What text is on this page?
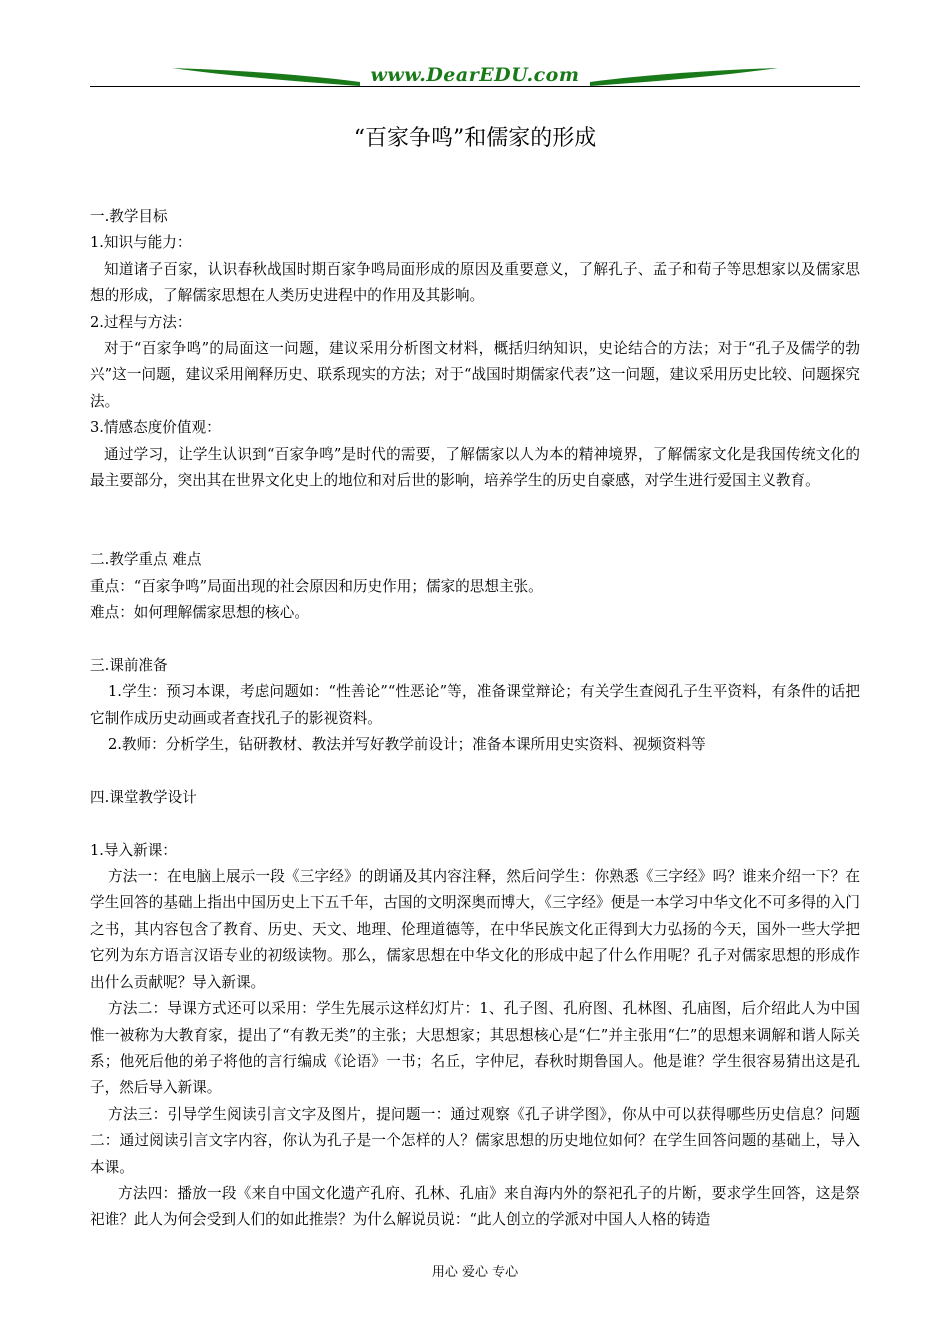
www.DearEDU.com
“百家争鸣”和儒家的形成

一.教学目标

1.知识与能力：

知道诸子百家，认识春秋战国时期百家争鸣局面形成的原因及重要意义，了解孔子、孟子和荀子等思想家以及儒家思想的形成，了解儒家思想在人类历史进程中的作用及其影响。

2.过程与方法：

对于“百家争鸣”的局面这一问题，建议采用分析图文材料，概括归纳知识，史论结合的方法；对于“孔子及儒学的勃兴”这一问题，建议采用阐释历史、联系现实的方法；对于“战国时期儒家代表”这一问题，建议采用历史比较、问题探究法。

3.情感态度价值观：

通过学习，让学生认识到“百家争鸣”是时代的需要，了解儒家以人为本的精神境界，了解儒家文化是我国传统文化的最主要部分，突出其在世界文化史上的地位和对后世的影响，培养学生的历史自豪感，对学生进行爱国主义教育。

二.教学重点 难点

重点：“百家争鸣”局面出现的社会原因和历史作用；儒家的思想主张。

难点：如何理解儒家思想的核心。

三.课前准备

1.学生：预习本课，考虑问题如：“性善论”“性恶论”等，准备课堂辩论；有关学生查阅孔子生平资料，有条件的话把它制作成历史动画或者查找孔子的影视资料。

2.教师：分析学生，钻研教材、教法并写好教学前设计；准备本课所用史实资料、视频资料等

四.课堂教学设计

1.导入新课：

方法一：在电脑上展示一段《三字经》的朗诵及其内容注释，然后问学生：你熟悉《三字经》吗？谁来介绍一下？在学生回答的基础上指出中国历史上下五千年，古国的文明深奥而博大，《三字经》便是一本学习中华文化不可多得的入门之书，其内容包含了教育、历史、天文、地理、伦理道德等，在中华民族文化正得到大力弘扬的今天，国外一些大学把它列为东方语言汉语专业的初级读物。那么，儒家思想在中华文化的形成中起了什么作用呢？孔子对儒家思想的形成作出什么贡献呢？导入新课。

方法二：导课方式还可以采用：学生先展示这样幻灯片：1、孔子图、孔府图、孔林图、孔庙图，后介绍此人为中国惟一被称为大教育家，提出了“有教无类”的主张；大思想家；其思想核心是“仁”并主张用“仁”的思想来调解和谐人际关系；他死后他的弟子将他的言行编成《论语》一书；名丘，字仲尼，春秋时期鲁国人。他是谁？学生很容易猜出这是孔子，然后导入新课。

方法三：引导学生阅读引言文字及图片，提问题一：通过观察《孔子讲学图》，你从中可以获得哪些历史信息？问题二：通过阅读引言文字内容，你认为孔子是一个怎样的人？儒家思想的历史地位如何？在学生回答问题的基础上，导入本课。

方法四：播放一段《来自中国文化遗产孔府、孔林、孔庙》来自海内外的祭祀孔子的片断，要求学生回答，这是祭祀谁？此人为何会受到人们的如此推崇？为什么解说员说：“此人创立的学派对中国人人格的铸造

用心 爱心 专心
